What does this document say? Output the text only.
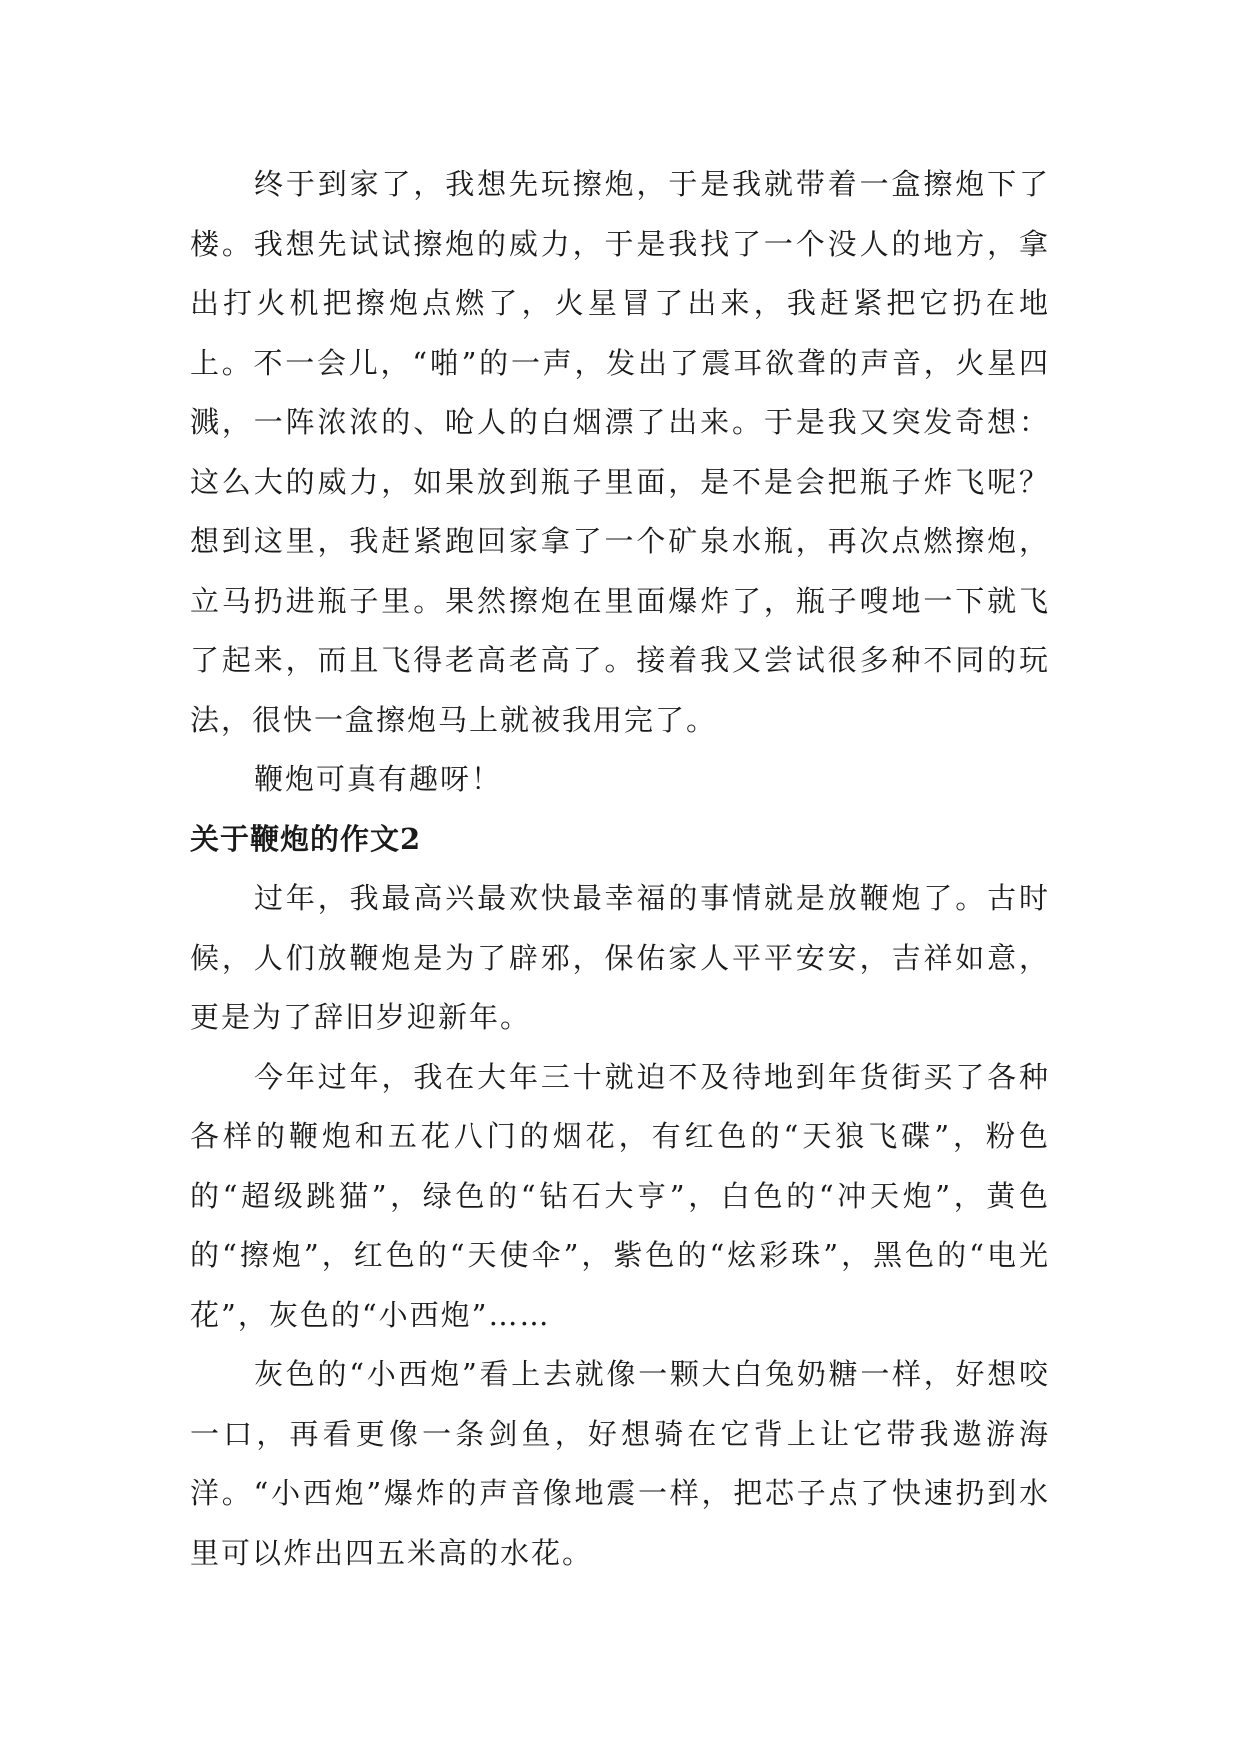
终于到家了，我想先玩擦炮，于是我就带着一盒擦炮下了楼。我想先试试擦炮的威力，于是我找了一个没人的地方，拿出打火机把擦炮点燃了，火星冒了出来，我赶紧把它扔在地上。不一会儿，“啪”的一声，发出了震耳欲聋的声音，火星四溅，一阵浓浓的、呛人的白烟漂了出来。于是我又突发奇想：这么大的威力，如果放到瓶子里面，是不是会把瓶子炸飞呢？想到这里，我赶紧跑回家拿了一个矿泉水瓶，再次点燃擦炮，立马扔进瓶子里。果然擦炮在里面爆炸了，瓶子嗖地一下就飞了起来，而且飞得老高老高了。接着我又尝试很多种不同的玩法，很快一盒擦炮马上就被我用完了。

鞭炮可真有趣呀！

关于鞭炮的作文2

过年，我最高兴最欢快最幸福的事情就是放鞭炮了。古时候，人们放鞭炮是为了辟邪，保佑家人平平安安，吉祥如意，更是为了辞旧岁迎新年。

今年过年，我在大年三十就迫不及待地到年货街买了各种各样的鞭炮和五花八门的烟花，有红色的“天狼飞碟”，粉色的“超级跳猫”，绿色的“钻石大亨”，白色的“冲天炮”，黄色的“擦炮”，红色的“天使伞”，紫色的“炫彩珠”，黑色的“电光花”，灰色的“小西炮”……

灰色的“小西炮”看上去就像一颗大白兔奶糖一样，好想咬一口，再看更像一条剑鱼，好想骑在它背上让它带我遨游海洋。“小西炮”爆炸的声音像地震一样，把芯子点了快速扔到水里可以炸出四五米高的水花。
